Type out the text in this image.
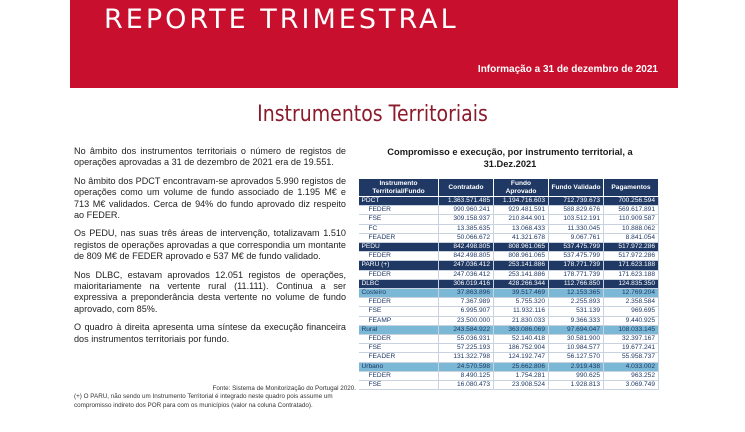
REPORTE TRIMESTRAL
Informação a 31 de dezembro de 2021
Instrumentos Territoriais

No âmbito dos instrumentos territoriais o número de registos de operações aprovadas a 31 de dezembro de 2021 era de 19.551.

No âmbito dos PDCT encontravam-se aprovados 5.990 registos de operações como um volume de fundo associado de 1.195 M€ e 713 M€ validados. Cerca de 94% do fundo aprovado diz respeito ao FEDER.

Os PEDU, nas suas três áreas de intervenção, totalizavam 1.510 registos de operações aprovadas a que correspondia um montante de 809 M€ de FEDER aprovado e 537 M€ de fundo validado.

Nos DLBC, estavam aprovados 12.051 registos de operações, maioritariamente na vertente rural (11.111). Continua a ser expressiva a preponderância desta vertente no volume de fundo aprovado, com 85%.

O quadro à direita apresenta uma síntese da execução financeira dos instrumentos territoriais por fundo.

Fonte: Sistema de Monitorização do Portugal 2020.
(+) O PARU, não sendo um Instrumento Territorial é integrado neste quadro pois assume um compromisso indireto dos POR para com os municípios (valor na coluna Contratado).
Compromisso e execução, por instrumento territorial, a 31.Dez.2021
Instrumento Territorial/Fundo	Contratado	Fundo Aprovado	Fundo Validado	Pagamentos
PDCT	1.363.571.485	1.194.716.603	712.739.673	700.256.594
FEDER	990.960.241	929.481.591	588.829.676	569.617.891
FSE	309.158.937	210.844.901	103.512.191	110.909.587
FC	13.385.635	13.068.433	11.330.045	10.888.062
FEADER	50.066.672	41.321.678	9.067.761	8.841.054
PEDU	842.498.805	808.961.065	537.475.799	517.972.286
FEDER	842.498.805	808.961.065	537.475.799	517.972.286
PARU (+)	247.036.412	253.141.886	178.771.739	171.623.188
FEDER	247.036.412	253.141.886	178.771.739	171.623.188
DLBC	306.019.416	428.266.344	112.766.850	124.835.350
Costeiro	37.863.896	39.517.469	12.153.365	12.769.204
FEDER	7.367.989	5.755.320	2.255.893	2.358.584
FSE	6.995.907	11.932.116	531.139	969.695
FEAMP	23.500.000	21.830.033	9.366.333	9.440.925
Rural	243.584.922	363.086.069	97.694.047	108.033.145
FEDER	55.036.931	52.140.418	30.581.900	32.397.167
FSE	57.225.193	186.752.904	10.984.577	19.677.241
FEADER	131.322.798	124.192.747	56.127.570	55.958.737
Urbano	24.570.598	25.662.806	2.919.438	4.033.002
FEDER	8.490.125	1.754.281	990.625	963.252
FSE	16.080.473	23.908.524	1.928.813	3.069.749
